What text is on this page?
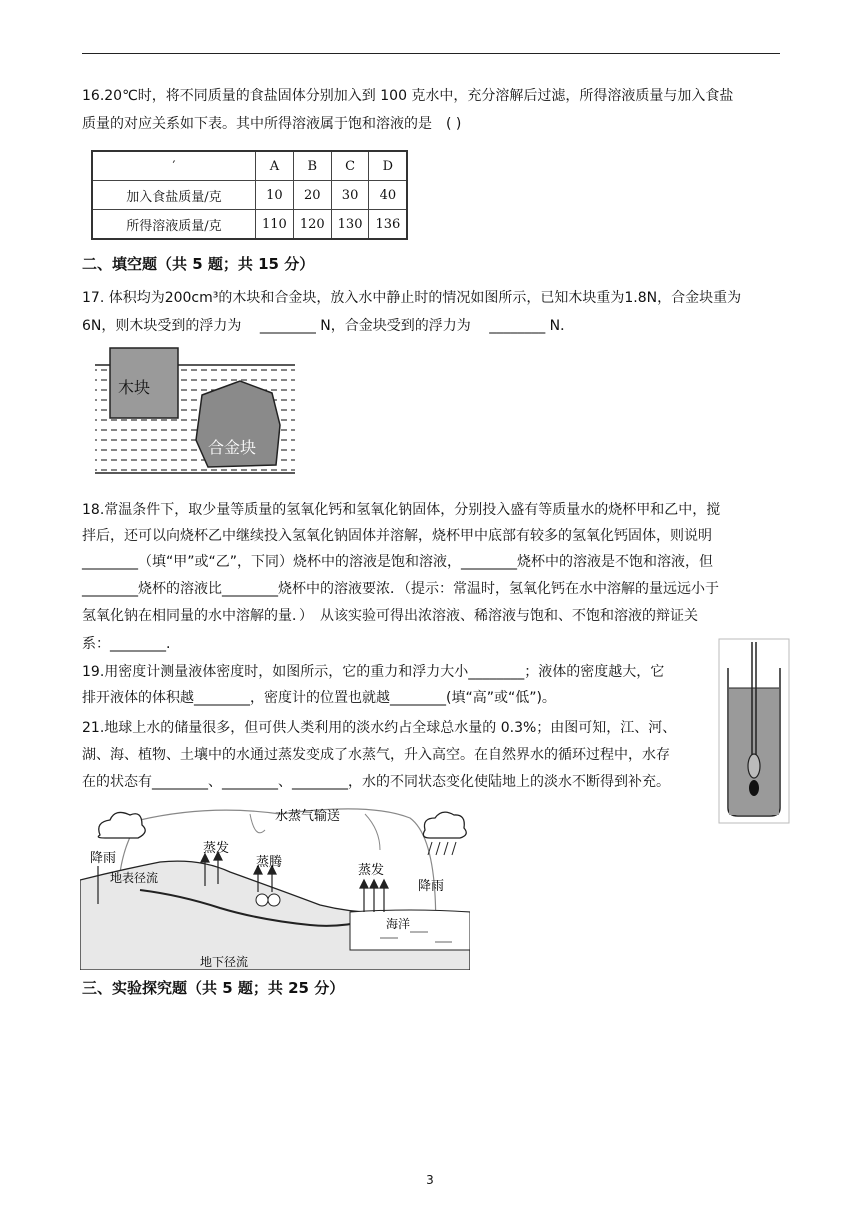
16.20℃时，将不同质量的食盐固体分别加入到 100 克水中，充分溶解后过滤，所得溶液质量与加入食盐
质量的对应关系如下表。其中所得溶液属于饱和溶液的是　( )
′	A	B	C	D
加入食盐质量/克	10	20	30	40
所得溶液质量/克	110	120	130	136
二、填空题（共 5 题；共 15 分）
17. 体积均为200cm³的木块和合金块，放入水中静止时的情况如图所示，已知木块重为1.8N，合金块重为
6N，则木块受到的浮力为　 ________ N，合金块受到的浮力为　 ________ N．
木块
合金块
18.常温条件下，取少量等质量的氢氧化钙和氢氧化钠固体，分别投入盛有等质量水的烧杯甲和乙中，搅
拌后，还可以向烧杯乙中继续投入氢氧化钠固体并溶解，烧杯甲中底部有较多的氢氧化钙固体，则说明
________（填“甲”或“乙”，下同）烧杯中的溶液是饱和溶液，________烧杯中的溶液是不饱和溶液，但
________烧杯的溶液比________烧杯中的溶液要浓．（提示：常温时，氢氧化钙在水中溶解的量远远小于
氢氧化钠在相同量的水中溶解的量．）　从该实验可得出浓溶液、稀溶液与饱和、不饱和溶液的辩证关
系：________.
19.用密度计测量液体密度时，如图所示，它的重力和浮力大小________；液体的密度越大，它
排开液体的体积越________，密度计的位置也就越________(填“高”或“低”)。
21.地球上水的储量很多，但可供人类利用的淡水约占全球总水量的 0.3%；由图可知，江、河、
湖、海、植物、土壤中的水通过蒸发变成了水蒸气，升入高空。在自然界水的循环过程中，水存
在的状态有________、________、________，水的不同状态变化使陆地上的淡水不断得到补充。
水蒸气输送
降雨
蒸发
蒸腾
蒸发
降雨
地表径流
海洋
地下径流
三、实验探究题（共 5 题；共 25 分）
3
